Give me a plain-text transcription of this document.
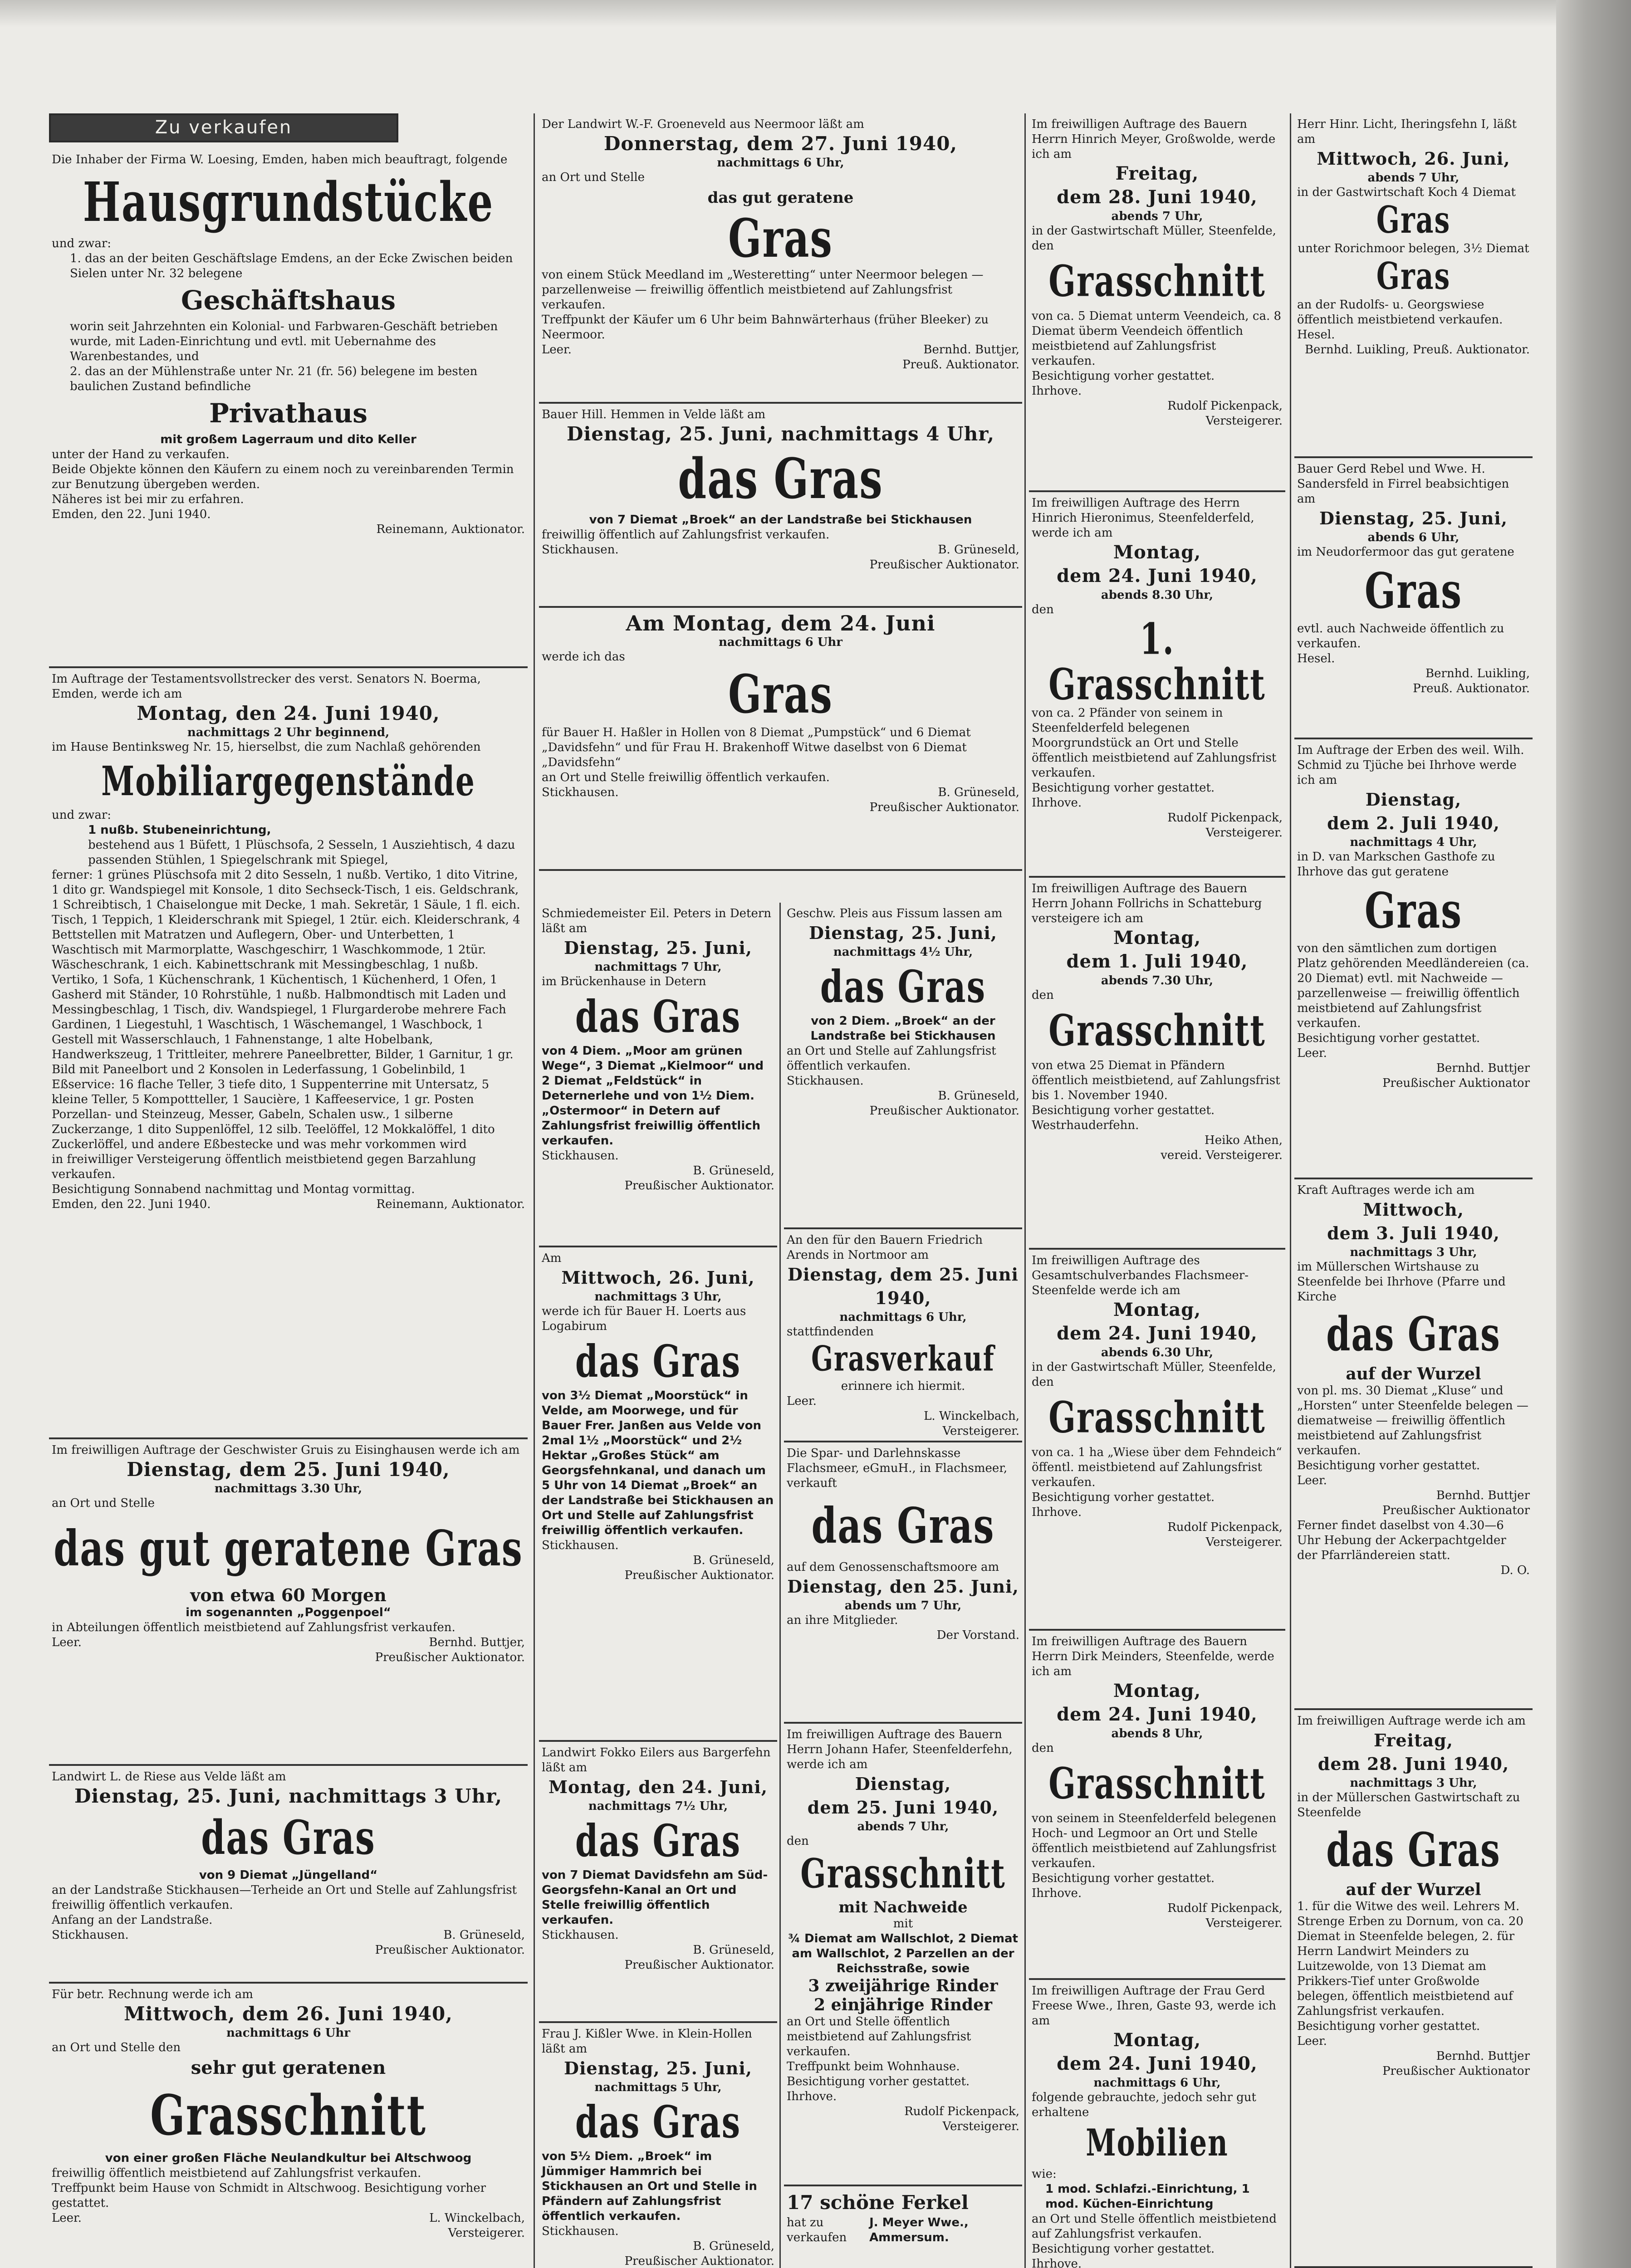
Zu verkaufen

Die Inhaber der Firma W. Loesing, Emden, haben mich beauftragt, folgende

Hausgrundstücke

und zwar:

1. das an der beiten Geschäftslage Emdens, an der Ecke Zwischen beiden Sielen unter Nr. 32 belegene

Geschäftshaus

worin seit Jahrzehnten ein Kolonial- und Farbwaren-Geschäft betrieben wurde, mit Laden-Einrichtung und evtl. mit Uebernahme des Warenbestandes, und

2. das an der Mühlenstraße unter Nr. 21 (fr. 56) belegene im besten baulichen Zustand befindliche

Privathaus

mit großem Lagerraum und dito Keller

unter der Hand zu verkaufen.

Beide Objekte können den Käufern zu einem noch zu vereinbarenden Termin zur Benutzung übergeben werden.

Näheres ist bei mir zu erfahren.

Emden, den 22. Juni 1940.

Reinemann, Auktionator.

Im Auftrage der Testamentsvollstrecker des verst. Senators N. Boerma, Emden, werde ich am

Montag, den 24. Juni 1940,
nachmittags 2 Uhr beginnend,

im Hause Bentinksweg Nr. 15, hierselbst, die zum Nachlaß gehörenden

Mobiliargegenstände

und zwar:

1 nußb. Stubeneinrichtung,

bestehend aus 1 Büfett, 1 Plüschsofa, 2 Sesseln, 1 Ausziehtisch, 4 dazu passenden Stühlen, 1 Spiegelschrank mit Spiegel,

ferner: 1 grünes Plüschsofa mit 2 dito Sesseln, 1 nußb. Vertiko, 1 dito Vitrine, 1 dito gr. Wandspiegel mit Konsole, 1 dito Sechseck-Tisch, 1 eis. Geldschrank, 1 Schreibtisch, 1 Chaiselongue mit Decke, 1 mah. Sekretär, 1 Säule, 1 fl. eich. Tisch, 1 Teppich, 1 Kleiderschrank mit Spiegel, 1 2tür. eich. Kleiderschrank, 4 Bettstellen mit Matratzen und Auflegern, Ober- und Unterbetten, 1 Waschtisch mit Marmorplatte, Waschgeschirr, 1 Waschkommode, 1 2tür. Wäscheschrank, 1 eich. Kabinettschrank mit Messingbeschlag, 1 nußb. Vertiko, 1 Sofa, 1 Küchenschrank, 1 Küchentisch, 1 Küchenherd, 1 Ofen, 1 Gasherd mit Ständer, 10 Rohrstühle, 1 nußb. Halbmondtisch mit Laden und Messingbeschlag, 1 Tisch, div. Wandspiegel, 1 Flurgarderobe mehrere Fach Gardinen, 1 Liegestuhl, 1 Waschtisch, 1 Wäschemangel, 1 Waschbock, 1 Gestell mit Wasserschlauch, 1 Fahnenstange, 1 alte Hobelbank, Handwerkszeug, 1 Trittleiter, mehrere Paneelbretter, Bilder, 1 Garnitur, 1 gr. Bild mit Paneelbort und 2 Konsolen in Lederfassung, 1 Gobelinbild, 1 Eßservice: 16 flache Teller, 3 tiefe dito, 1 Suppenterrine mit Untersatz, 5 kleine Teller, 5 Kompottteller, 1 Saucière, 1 Kaffeeservice, 1 gr. Posten Porzellan- und Steinzeug, Messer, Gabeln, Schalen usw., 1 silberne Zuckerzange, 1 dito Suppenlöffel, 12 silb. Teelöffel, 12 Mokkalöffel, 1 dito Zuckerlöffel, und andere Eßbestecke und was mehr vorkommen wird

in freiwilliger Versteigerung öffentlich meistbietend gegen Barzahlung verkaufen.

Besichtigung Sonnabend nachmittag und Montag vormittag.

Emden, den 22. Juni 1940.	Reinemann, Auktionator.

Im freiwilligen Auftrage der Geschwister Gruis zu Eisinghausen werde ich am

Dienstag, dem 25. Juni 1940,
nachmittags 3.30 Uhr,

an Ort und Stelle

das gut geratene Gras
von etwa 60 Morgen

im sogenannten „Poggenpoel“

in Abteilungen öffentlich meistbietend auf Zahlungsfrist verkaufen.

Leer.	Bernhd. Buttjer,

Preußischer Auktionator.

Landwirt L. de Riese aus Velde läßt am

Dienstag, 25. Juni, nachmittags 3 Uhr,
das Gras

von 9 Diemat „Jüngelland“

an der Landstraße Stickhausen—Terheide an Ort und Stelle auf Zahlungsfrist freiwillig öffentlich verkaufen.

Anfang an der Landstraße.

Stickhausen.	B. Grüneseld,

Preußischer Auktionator.

Für betr. Rechnung werde ich am

Mittwoch, dem 26. Juni 1940,
nachmittags 6 Uhr

an Ort und Stelle den

sehr gut geratenen
Grasschnitt

von einer großen Fläche Neulandkultur bei Altschwoog

freiwillig öffentlich meistbietend auf Zahlungsfrist verkaufen.

Treffpunkt beim Hause von Schmidt in Altschwoog. Besichtigung vorher gestattet.

Leer.	L. Winckelbach,

Versteigerer.

Der Landwirt W.-F. Groeneveld aus Neermoor läßt am

Donnerstag, dem 27. Juni 1940,
nachmittags 6 Uhr,

an Ort und Stelle

das gut geratene
Gras

von einem Stück Meedland im „Westeretting“ unter Neermoor belegen — parzellenweise — freiwillig öffentlich meistbietend auf Zahlungsfrist verkaufen.

Treffpunkt der Käufer um 6 Uhr beim Bahnwärterhaus (früher Bleeker) zu Neermoor.

Leer.	Bernhd. Buttjer,

Preuß. Auktionator.

Bauer Hill. Hemmen in Velde läßt am

Dienstag, 25. Juni, nachmittags 4 Uhr,
das Gras

von 7 Diemat „Broek“ an der Landstraße bei Stickhausen

freiwillig öffentlich auf Zahlungsfrist verkaufen.

Stickhausen.	B. Grüneseld,

Preußischer Auktionator.

Am Montag, dem 24. Juni
nachmittags 6 Uhr

werde ich das

Gras

für Bauer H. Haßler in Hollen von 8 Diemat „Pumpstück“ und 6 Diemat „Davidsfehn“ und für Frau H. Brakenhoff Witwe daselbst von 6 Diemat „Davidsfehn“

an Ort und Stelle freiwillig öffentlich verkaufen.

Stickhausen.	B. Grüneseld,

Preußischer Auktionator.

Schmiedemeister Eil. Peters in Detern läßt am

Dienstag, 25. Juni,
nachmittags 7 Uhr,

im Brückenhause in Detern

das Gras

von 4 Diem. „Moor am grünen Wege“, 3 Diemat „Kielmoor“ und 2 Diemat „Feldstück“ in Deternerlehe und von 1½ Diem. „Ostermoor“ in Detern auf Zahlungsfrist freiwillig öffentlich verkaufen.

Stickhausen.

B. Grüneseld,

Preußischer Auktionator.

Am

Mittwoch, 26. Juni,
nachmittags 3 Uhr,

werde ich für Bauer H. Loerts aus Logabirum

das Gras

von 3½ Diemat „Moorstück“ in Velde, am Moorwege, und für Bauer Frer. Janßen aus Velde von 2mal 1½ „Moorstück“ und 2½ Hektar „Großes Stück“ am Georgsfehnkanal, und danach um 5 Uhr von 14 Diemat „Broek“ an der Landstraße bei Stickhausen an Ort und Stelle auf Zahlungsfrist freiwillig öffentlich verkaufen.

Stickhausen.

B. Grüneseld,

Preußischer Auktionator.

Landwirt Fokko Eilers aus Bargerfehn läßt am

Montag, den 24. Juni,
nachmittags 7½ Uhr,
das Gras

von 7 Diemat Davidsfehn am Süd-Georgsfehn-Kanal an Ort und Stelle freiwillig öffentlich verkaufen.

Stickhausen.

B. Grüneseld,

Preußischer Auktionator.

Frau J. Kißler Wwe. in Klein-Hollen läßt am

Dienstag, 25. Juni,
nachmittags 5 Uhr,
das Gras

von 5½ Diem. „Broek“ im Jümmiger Hammrich bei Stickhausen an Ort und Stelle in Pfändern auf Zahlungsfrist öffentlich verkaufen.

Stickhausen.

B. Grüneseld,

Preußischer Auktionator.

Geschw. Pleis aus Fissum lassen am

Dienstag, 25. Juni,
nachmittags 4½ Uhr,
das Gras

von 2 Diem. „Broek“ an der Landstraße bei Stickhausen

an Ort und Stelle auf Zahlungsfrist öffentlich verkaufen.

Stickhausen.

B. Grüneseld,

Preußischer Auktionator.

An den für den Bauern Friedrich Arends in Nortmoor am

Dienstag, dem 25. Juni 1940,
nachmittags 6 Uhr,

stattfindenden

Grasverkauf

erinnere ich hiermit.

Leer.

L. Winckelbach,

Versteigerer.

Die Spar- und Darlehnskasse Flachsmeer, eGmuH., in Flachsmeer, verkauft

das Gras

auf dem Genossenschaftsmoore am

Dienstag, den 25. Juni,
abends um 7 Uhr,

an ihre Mitglieder.

Der Vorstand.

Im freiwilligen Auftrage des Bauern Herrn Johann Hafer, Steenfelderfehn, werde ich am

Dienstag,
dem 25. Juni 1940,
abends 7 Uhr,

den

Grasschnitt
mit Nachweide

mit

¾ Diemat am Wallschlot, 2 Diemat am Wallschlot, 2 Parzellen an der Reichsstraße, sowie

3 zweijährige Rinder
2 einjährige Rinder

an Ort und Stelle öffentlich meistbietend auf Zahlungsfrist verkaufen.

Treffpunkt beim Wohnhause. Besichtigung vorher gestattet.

Ihrhove.

Rudolf Pickenpack,

Versteigerer.

17 schöne Ferkel
hat zu verkaufen
J. Meyer Wwe., Ammersum.

Im freiwilligen Auftrage des Bauern Herrn Hinrich Meyer, Großwolde, werde ich am

Freitag,
dem 28. Juni 1940,
abends 7 Uhr,

in der Gastwirtschaft Müller, Steenfelde, den

Grasschnitt

von ca. 5 Diemat unterm Veendeich, ca. 8 Diemat überm Veendeich öffentlich meistbietend auf Zahlungsfrist verkaufen.

Besichtigung vorher gestattet.

Ihrhove.

Rudolf Pickenpack,

Versteigerer.

Im freiwilligen Auftrage des Herrn Hinrich Hieronimus, Steenfelderfeld, werde ich am

Montag,
dem 24. Juni 1940,
abends 8.30 Uhr,

den

1. Grasschnitt

von ca. 2 Pfänder von seinem in Steenfelderfeld belegenen Moorgrundstück an Ort und Stelle öffentlich meistbietend auf Zahlungsfrist verkaufen.

Besichtigung vorher gestattet.

Ihrhove.

Rudolf Pickenpack,

Versteigerer.

Im freiwilligen Auftrage des Bauern Herrn Johann Follrichs in Schatteburg versteigere ich am

Montag,
dem 1. Juli 1940,
abends 7.30 Uhr,

den

Grasschnitt

von etwa 25 Diemat in Pfändern öffentlich meistbietend, auf Zahlungsfrist bis 1. November 1940.

Besichtigung vorher gestattet.

Westrhauderfehn.

Heiko Athen,

vereid. Versteigerer.

Im freiwilligen Auftrage des Gesamtschulverbandes Flachsmeer-Steenfelde werde ich am

Montag,
dem 24. Juni 1940,
abends 6.30 Uhr,

in der Gastwirtschaft Müller, Steenfelde, den

Grasschnitt

von ca. 1 ha „Wiese über dem Fehndeich“ öffentl. meistbietend auf Zahlungsfrist verkaufen.

Besichtigung vorher gestattet.

Ihrhove.

Rudolf Pickenpack,

Versteigerer.

Im freiwilligen Auftrage des Bauern Herrn Dirk Meinders, Steenfelde, werde ich am

Montag,
dem 24. Juni 1940,
abends 8 Uhr,

den

Grasschnitt

von seinem in Steenfelderfeld belegenen Hoch- und Legmoor an Ort und Stelle öffentlich meistbietend auf Zahlungsfrist verkaufen.

Besichtigung vorher gestattet.

Ihrhove.

Rudolf Pickenpack,

Versteigerer.

Im freiwilligen Auftrage der Frau Gerd Freese Wwe., Ihren, Gaste 93, werde ich am

Montag,
dem 24. Juni 1940,
nachmittags 6 Uhr,

folgende gebrauchte, jedoch sehr gut erhaltene

Mobilien

wie:

1 mod. Schlafzi.-Einrichtung, 1 mod. Küchen-Einrichtung

an Ort und Stelle öffentlich meistbietend auf Zahlungsfrist verkaufen.

Besichtigung vorher gestattet.

Ihrhove.

Herr Hinr. Licht, Iheringsfehn I, läßt am

Mittwoch, 26. Juni,
abends 7 Uhr,

in der Gastwirtschaft Koch 4 Diemat

Gras

unter Rorichmoor belegen, 3½ Diemat

Gras

an der Rudolfs- u. Georgswiese öffentlich meistbietend verkaufen.

Hesel.

Bernhd. Luikling, Preuß. Auktionator.

Bauer Gerd Rebel und Wwe. H. Sandersfeld in Firrel beabsichtigen am

Dienstag, 25. Juni,
abends 6 Uhr,

im Neudorfermoor das gut geratene

Gras

evtl. auch Nachweide öffentlich zu verkaufen.

Hesel.

Bernhd. Luikling,

Preuß. Auktionator.

Im Auftrage der Erben des weil. Wilh. Schmid zu Tjüche bei Ihrhove werde ich am

Dienstag,
dem 2. Juli 1940,
nachmittags 4 Uhr,

in D. van Markschen Gasthofe zu Ihrhove das gut geratene

Gras

von den sämtlichen zum dortigen Platz gehörenden Meedländereien (ca. 20 Diemat) evtl. mit Nachweide — parzellenweise — freiwillig öffentlich meistbietend auf Zahlungsfrist verkaufen.

Besichtigung vorher gestattet.

Leer.

Bernhd. Buttjer

Preußischer Auktionator

Kraft Auftrages werde ich am

Mittwoch,
dem 3. Juli 1940,
nachmittags 3 Uhr,

im Müllerschen Wirtshause zu Steenfelde bei Ihrhove (Pfarre und Kirche

das Gras
auf der Wurzel

von pl. ms. 30 Diemat „Kluse“ und „Horsten“ unter Steenfelde belegen — diematweise — freiwillig öffentlich meistbietend auf Zahlungsfrist verkaufen.

Besichtigung vorher gestattet.

Leer.

Bernhd. Buttjer

Preußischer Auktionator

Ferner findet daselbst von 4.30—6 Uhr Hebung der Ackerpachtgelder der Pfarrländereien statt.

D. O.

Im freiwilligen Auftrage werde ich am

Freitag,
dem 28. Juni 1940,
nachmittags 3 Uhr,

in der Müllerschen Gastwirtschaft zu Steenfelde

das Gras
auf der Wurzel

1. für die Witwe des weil. Lehrers M. Strenge Erben zu Dornum, von ca. 20 Diemat in Steenfelde belegen, 2. für Herrn Landwirt Meinders zu Luitzewolde, von 13 Diemat am Prikkers-Tief unter Großwolde belegen, öffentlich meistbietend auf Zahlungsfrist verkaufen.

Besichtigung vorher gestattet.

Leer.

Bernhd. Buttjer

Preußischer Auktionator
